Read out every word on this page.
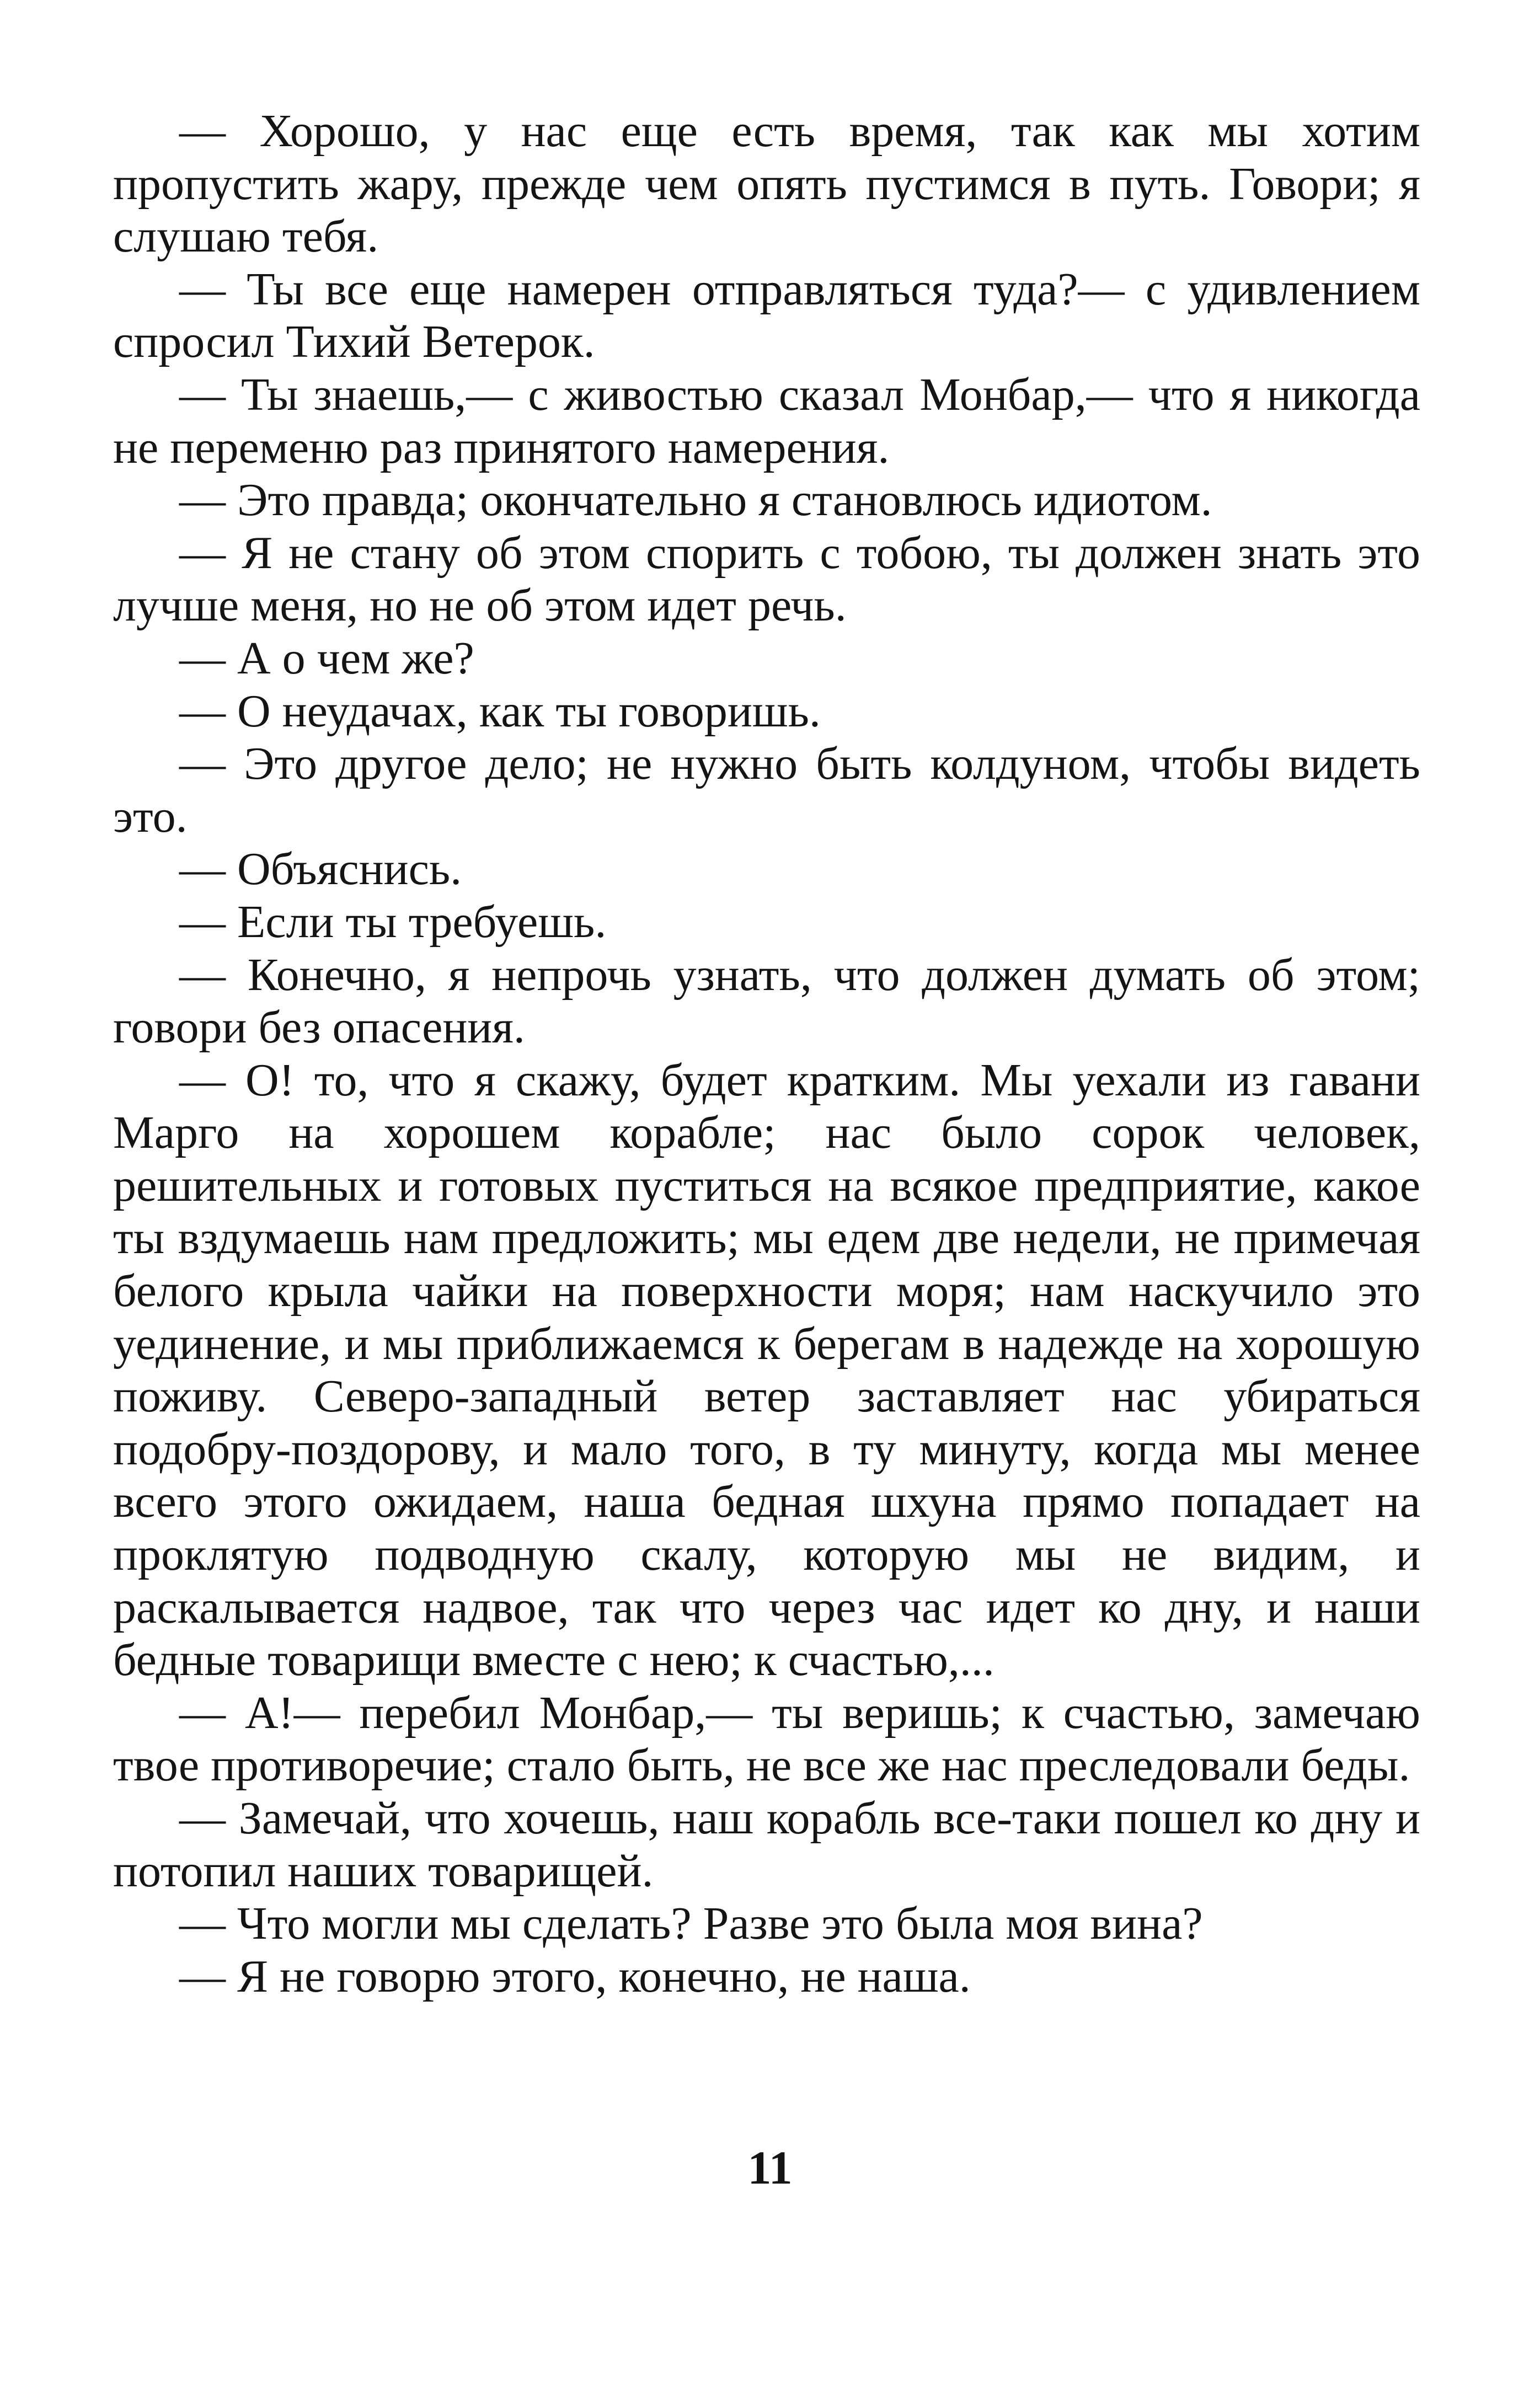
— Хорошо, у нас еще есть время, так как мы хотим пропустить жару, прежде чем опять пустимся в путь. Говори; я слушаю тебя.

— Ты все еще намерен отправляться туда?— с удивлением спросил Тихий Ветерок.

— Ты знаешь,— с живостью сказал Монбар,— что я никогда не переменю раз принятого намерения.

— Это правда; окончательно я становлюсь идиотом.

— Я не стану об этом спорить с тобою, ты должен знать это лучше меня, но не об этом идет речь.

— А о чем же?

— О неудачах, как ты говоришь.

— Это другое дело; не нужно быть колдуном, чтобы видеть это.

— Объяснись.

— Если ты требуешь.

— Конечно, я непрочь узнать, что должен думать об этом; говори без опасения.

— О! то, что я скажу, будет кратким. Мы уехали из гавани Марго на хорошем корабле; нас было сорок человек, решительных и готовых пуститься на всякое предприятие, какое ты вздумаешь нам предложить; мы едем две недели, не примечая белого крыла чайки на поверхности моря; нам наскучило это уединение, и мы приближаемся к берегам в надежде на хорошую поживу. Северо-западный ветер заставляет нас убираться подобру-поздорову, и мало того, в ту минуту, когда мы менее всего этого ожидаем, наша бедная шхуна прямо попадает на проклятую подводную скалу, которую мы не видим, и раскалывается надвое, так что через час идет ко дну, и наши бедные товарищи вместе с нею; к счастью,...

— А!— перебил Монбар,— ты веришь; к счастью, замечаю твое противоречие; стало быть, не все же нас преследовали беды.

— Замечай, что хочешь, наш корабль все-таки пошел ко дну и потопил наших товарищей.

— Что могли мы сделать? Разве это была моя вина?

— Я не говорю этого, конечно, не наша.

11
